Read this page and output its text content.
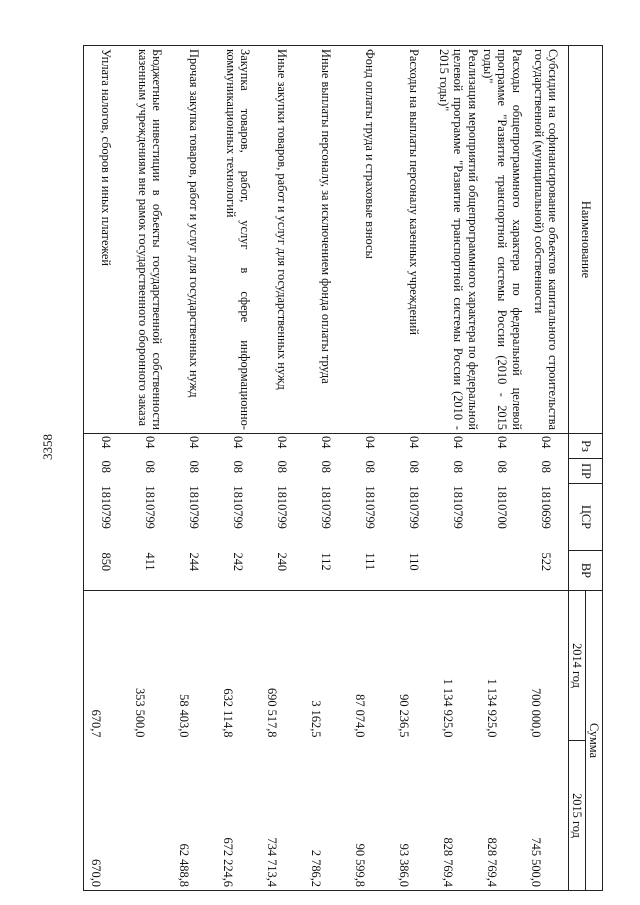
3358
Наименование	Рз	ПР	ЦСР	ВР	Сумма	
					2014 год	2015 год
Субсидии на софинансирование объектов капитального строительства государственной (муниципальной) собственности	04	08	1810699	522	700 000,0	745 500,0
Расходы общепрограммного характера по федеральной целевой программе "Развитие транспортной системы России (2010 - 2015 годы)"	04	08	1810700		1 134 925,0	828 769,4
Реализация мероприятий общепрограммного характера по федеральной целевой программе "Развитие транспортной системы России (2010 - 2015 годы)"	04	08	1810799		1 134 925,0	828 769,4
Расходы на выплаты персоналу казенных учреждений	04	08	1810799	110	90 236,5	93 386,0
Фонд оплаты труда и страховые взносы	04	08	1810799	111	87 074,0	90 599,8
Иные выплаты персоналу, за исключением фонда оплаты труда	04	08	1810799	112	3 162,5	2 786,2
Иные закупки товаров, работ и услуг для государственных нужд	04	08	1810799	240	690 517,8	734 713,4
Закупка товаров, работ, услуг в сфере информационно-коммуникационных технологий	04	08	1810799	242	632 114,8	672 224,6
Прочая закупка товаров, работ и услуг для государственных нужд	04	08	1810799	244	58 403,0	62 488,8
Бюджетные инвестиции в объекты государственной собственности казенным учреждениям вне рамок государственного оборонного заказа	04	08	1810799	411	353 500,0	
Уплата налогов, сборов и иных платежей	04	08	1810799	850	670,7	670,0
